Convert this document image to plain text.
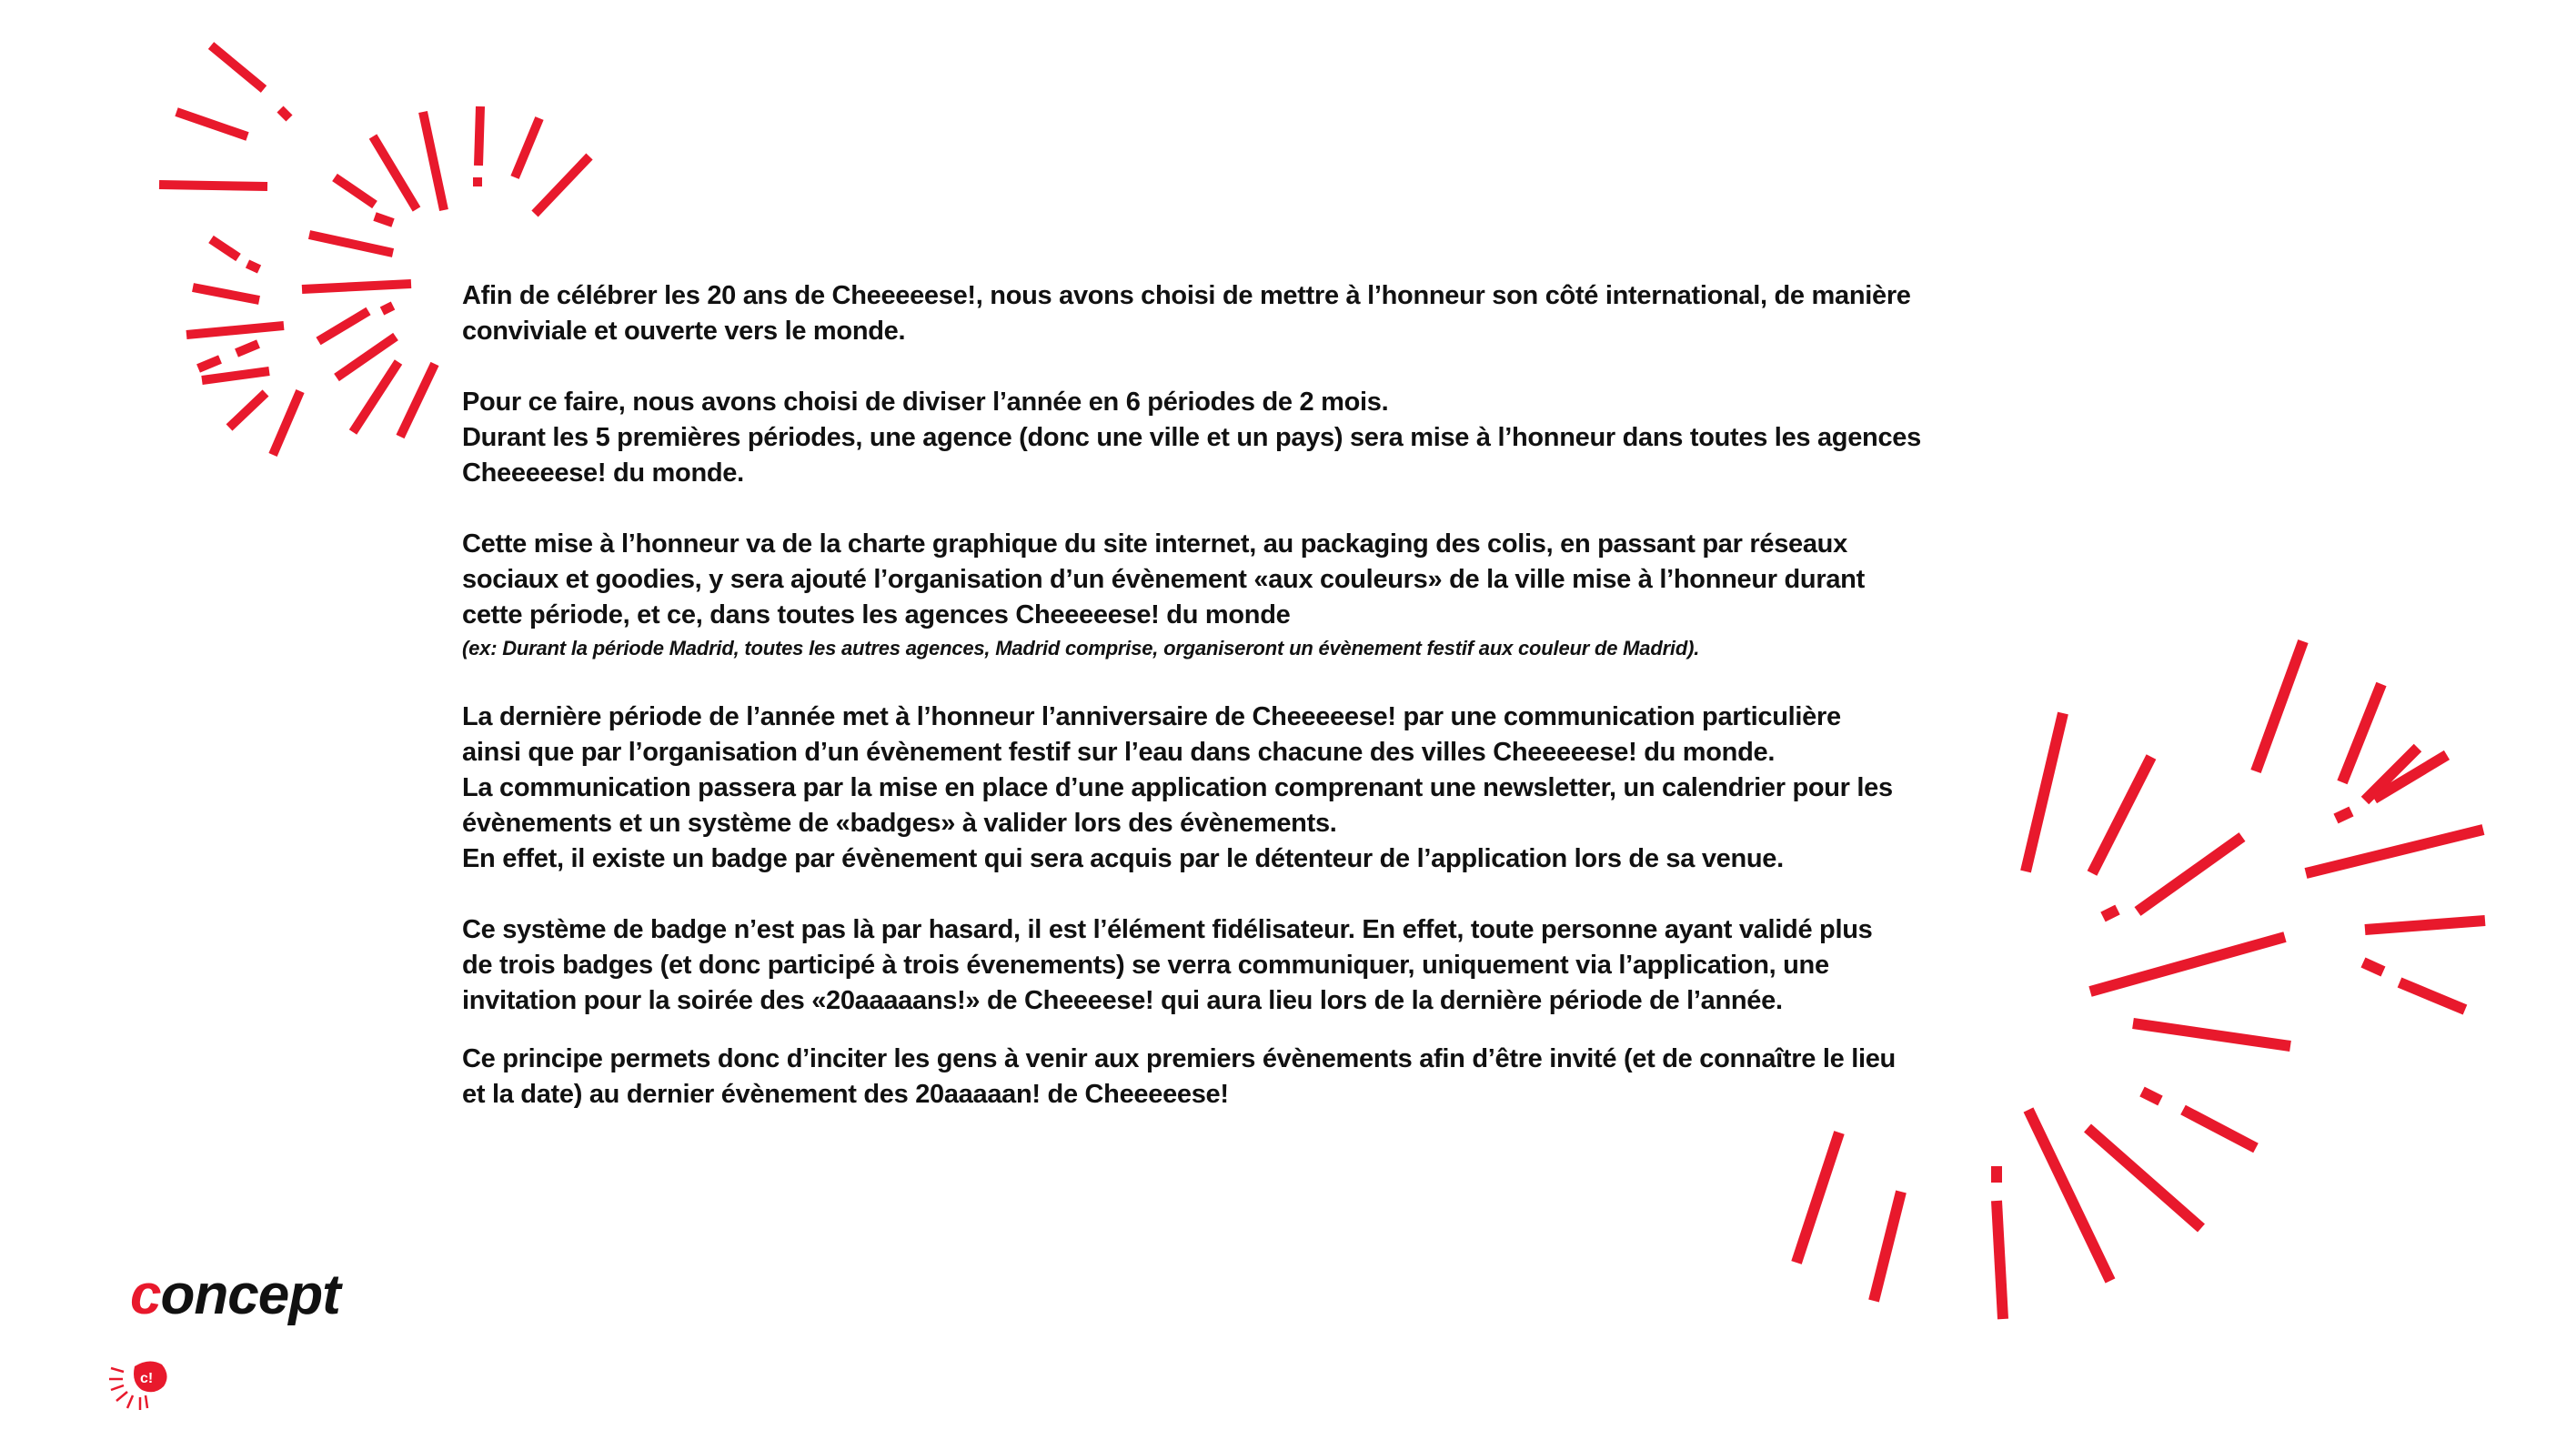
Afin de célébrer les 20 ans de Cheeeeese!, nous avons choisi de mettre à l’honneur son côté international, de manière
conviviale et ouverte vers le monde.

Pour ce faire, nous avons choisi de diviser l’année en 6 périodes de 2 mois.
Durant les 5 premières périodes, une agence (donc une ville et un pays) sera mise à l’honneur dans toutes les agences
Cheeeeese! du monde.

Cette mise à l’honneur va de la charte graphique du site internet, au packaging des colis, en passant par réseaux
sociaux et goodies, y sera ajouté l’organisation d’un évènement «aux couleurs» de la ville mise à l’honneur durant
cette période, et ce, dans toutes les agences Cheeeeese! du monde
(ex: Durant la période Madrid, toutes les autres agences, Madrid comprise, organiseront un évènement festif aux couleur de Madrid).

La dernière période de l’année met à l’honneur l’anniversaire de Cheeeeese! par une communication particulière
ainsi que par l’organisation d’un évènement festif sur l’eau dans chacune des villes Cheeeeese! du monde.
La communication passera par la mise en place d’une application comprenant une newsletter, un calendrier pour les
évènements et un système de «badges» à valider lors des évènements.
En effet, il existe un badge par évènement qui sera acquis par le détenteur de l’application lors de sa venue.

Ce système de badge n’est pas là par hasard, il est l’élément fidélisateur. En effet, toute personne ayant validé plus
de trois badges (et donc participé à trois évenements) se verra communiquer, uniquement via l’application, une
invitation pour la soirée des «20aaaaans!» de Cheeeese! qui aura lieu lors de la dernière période de l’année.

Ce principe permets donc d’inciter les gens à venir aux premiers évènements afin d’être invité (et de connaître le lieu
et la date) au dernier évènement des 20aaaaan! de Cheeeeese!

concept
c!
